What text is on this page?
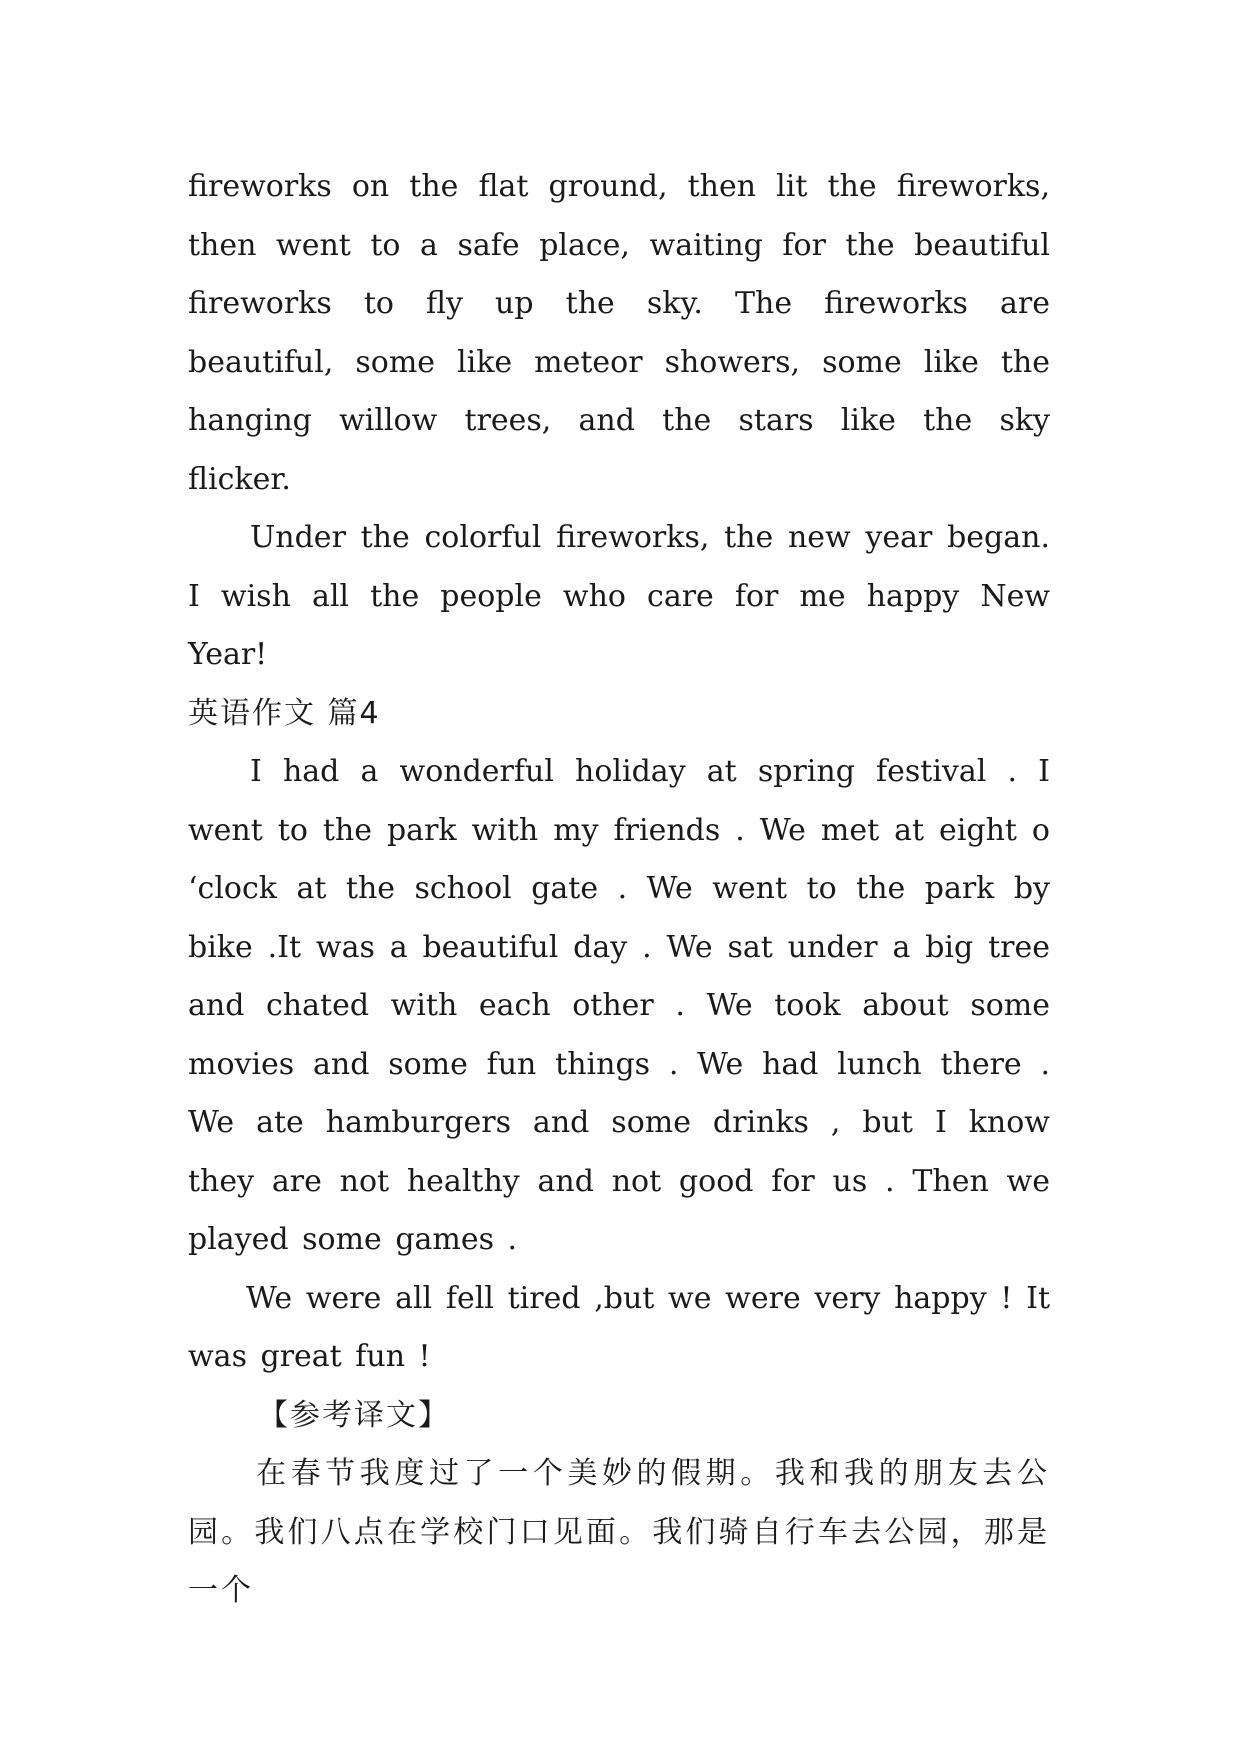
fireworks on the flat ground, then lit the fireworks, then went to a safe place, waiting for the beautiful fireworks to fly up the sky. The fireworks are beautiful, some like meteor showers, some like the hanging willow trees, and the stars like the sky flicker.

Under the colorful fireworks, the new year began. I wish all the people who care for me happy New Year!

英语作文 篇4

I had a wonderful holiday at spring festival . I went to the park with my friends . We met at eight o ‘clock at the school gate . We went to the park by bike .It was a beautiful day . We sat under a big tree and chated with each other . We took about some movies and some fun things . We had lunch there . We ate hamburgers and some drinks , but I know they are not healthy and not good for us . Then we played some games .

We were all fell tired ,but we were very happy ! It was great fun !

【参考译文】

在春节我度过了一个美妙的假期。我和我的朋友去公园。我们八点在学校门口见面。我们骑自行车去公园，那是一个
